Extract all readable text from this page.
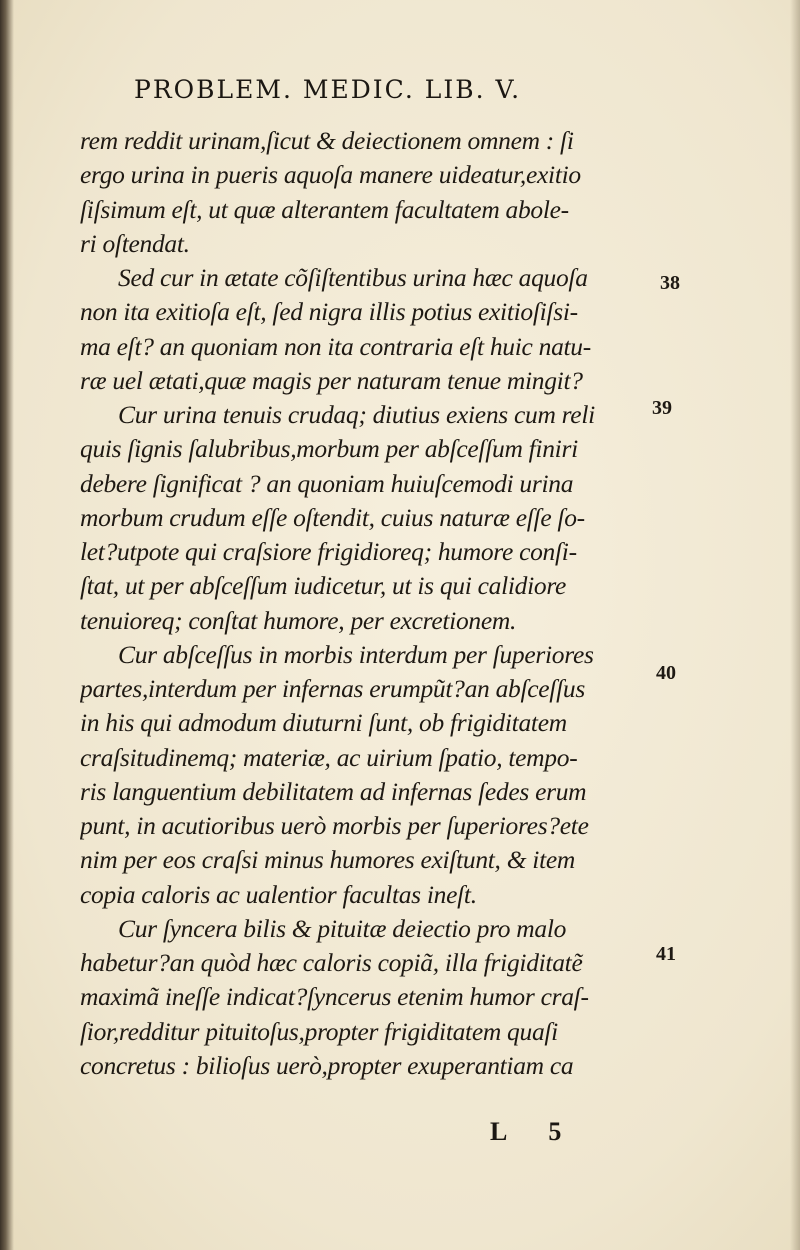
PROBLEM. MEDIC. LIB. V.
rem reddit urinam,ſicut & deiectionem omnem : ſi
ergo urina in pueris aquoſa manere uideatur,exitio
ſiſsimum eſt, ut quæ alterantem facultatem abole-
ri oſtendat.
Sed cur in ætate cõſiſtentibus urina hæc aquoſa
non ita exitioſa eſt, ſed nigra illis potius exitioſiſsi-
ma eſt? an quoniam non ita contraria eſt huic natu-
ræ uel ætati,quæ magis per naturam tenue mingit?
Cur urina tenuis crudaq; diutius exiens cum reli
quis ſignis ſalubribus,morbum per abſceſſum finiri
debere ſignificat ? an quoniam huiuſcemodi urina
morbum crudum eſſe oſtendit, cuius naturæ eſſe ſo-
let?utpote qui craſsiore frigidioreq; humore conſi-
ſtat, ut per abſceſſum iudicetur, ut is qui calidiore
tenuioreq; conſtat humore, per excretionem.
Cur abſceſſus in morbis interdum per ſuperiores
partes,interdum per infernas erumpũt?an abſceſſus
in his qui admodum diuturni ſunt, ob frigiditatem
craſsitudinemq; materiæ, ac uirium ſpatio, tempo-
ris languentium debilitatem ad infernas ſedes erum
punt, in acutioribus uerò morbis per ſuperiores?ete
nim per eos craſsi minus humores exiſtunt, & item
copia caloris ac ualentior facultas ineſt.
Cur ſyncera bilis & pituitæ deiectio pro malo
habetur?an quòd hæc caloris copiã, illa frigiditatẽ
maximã ineſſe indicat?ſyncerus etenim humor craſ-
ſior,redditur pituitoſus,propter frigiditatem quaſi
concretus : bilioſus uerò,propter exuperantiam ca
38
39
40
41
L 5
